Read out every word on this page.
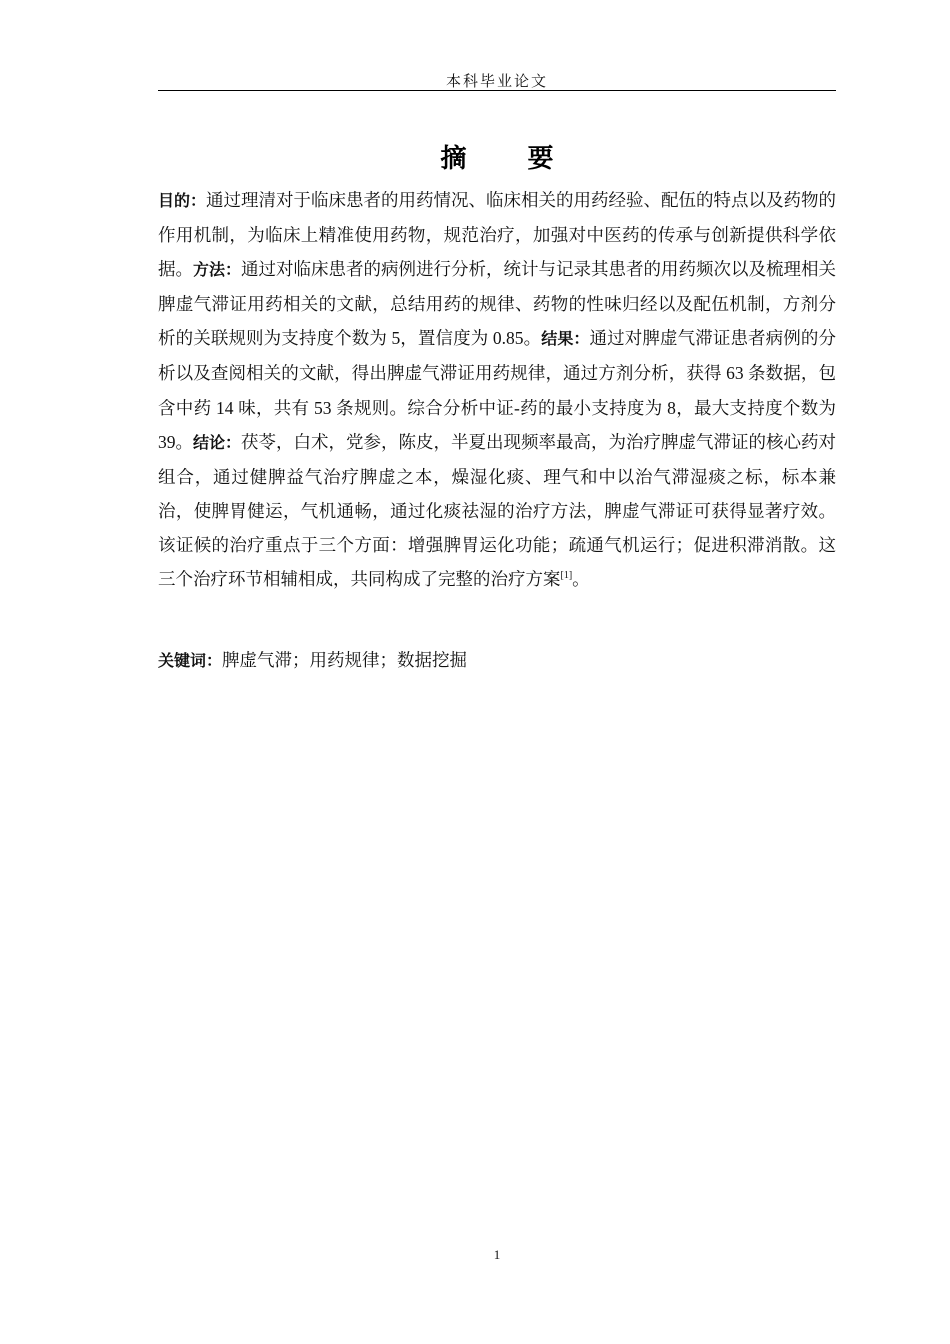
本科毕业论文
摘 要

目的：通过理清对于临床患者的用药情况、临床相关的用药经验、配伍的特点以及药物的作用机制，为临床上精准使用药物，规范治疗，加强对中医药的传承与创新提供科学依据。方法：通过对临床患者的病例进行分析，统计与记录其患者的用药频次以及梳理相关脾虚气滞证用药相关的文献，总结用药的规律、药物的性味归经以及配伍机制，方剂分析的关联规则为支持度个数为 5，置信度为 0.85。结果：通过对脾虚气滞证患者病例的分析以及查阅相关的文献，得出脾虚气滞证用药规律，通过方剂分析，获得 63 条数据，包含中药 14 味，共有 53 条规则。综合分析中证-药的最小支持度为 8，最大支持度个数为 39。结论：茯苓，白术，党参，陈皮，半夏出现频率最高，为治疗脾虚气滞证的核心药对组合，通过健脾益气治疗脾虚之本，燥湿化痰、理气和中以治气滞湿痰之标，标本兼治，使脾胃健运，气机通畅，通过化痰祛湿的治疗方法，脾虚气滞证可获得显著疗效。该证候的治疗重点于三个方面：增强脾胃运化功能；疏通气机运行；促进积滞消散。这三个治疗环节相辅相成，共同构成了完整的治疗方案[1]。

关键词：脾虚气滞；用药规律；数据挖掘
1
